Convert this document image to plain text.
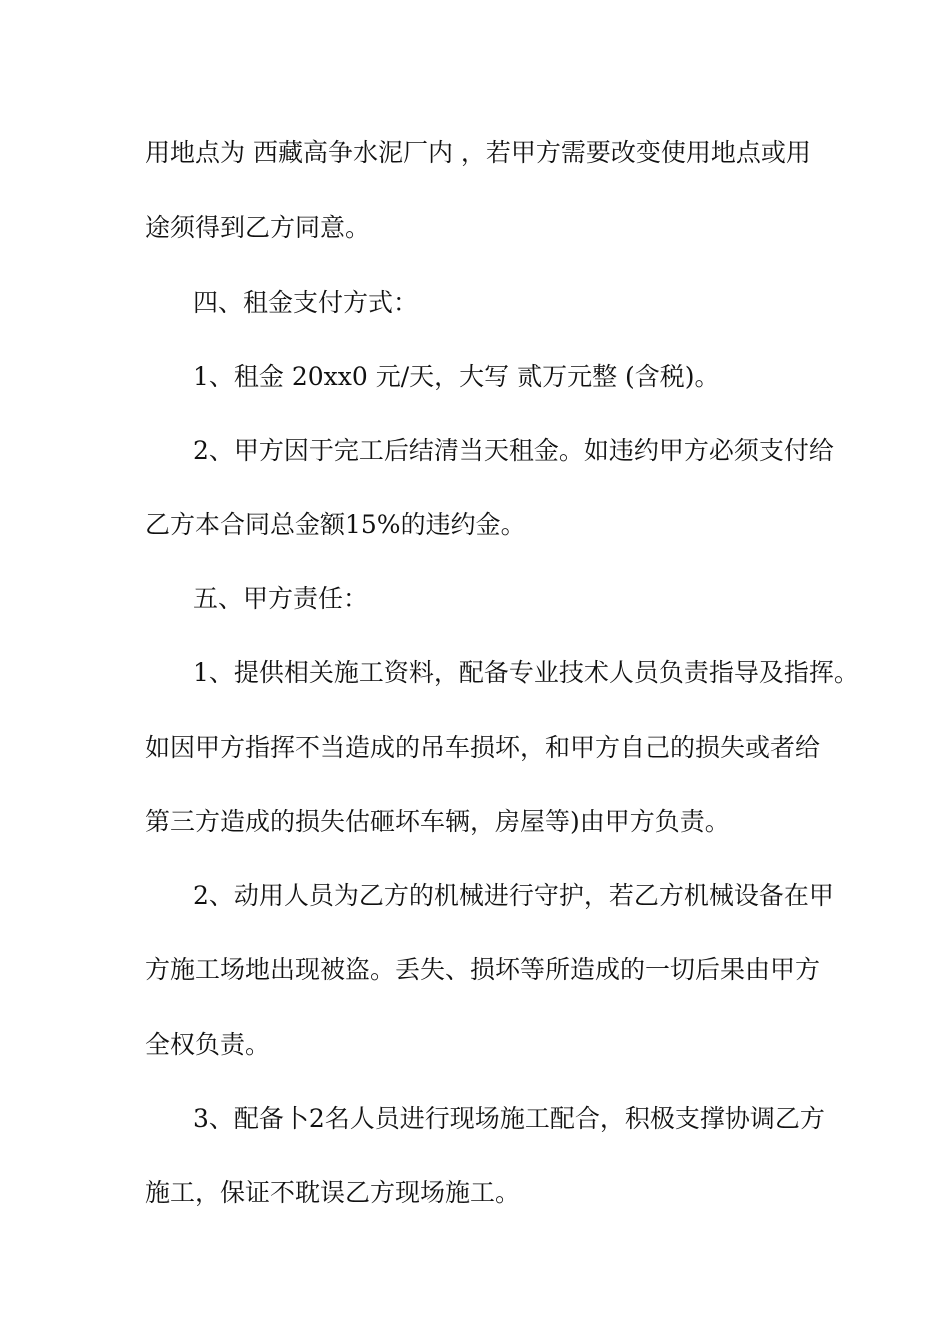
用地点为 西藏高争水泥厂内 ，若甲方需要改变使用地点或用
途须得到乙方同意。
四、租金支付方式：
1、租金 20xx0 元/天，大写 贰万元整 (含税)。
2、甲方因于完工后结清当天租金。如违约甲方必须支付给
乙方本合同总金额15%的违约金。
五、甲方责任：
1、提供相关施工资料，配备专业技术人员负责指导及指挥。
如因甲方指挥不当造成的吊车损坏，和甲方自己的损失或者给
第三方造成的损失估砸坏车辆，房屋等)由甲方负责。
2、动用人员为乙方的机械进行守护，若乙方机械设备在甲
方施工场地出现被盗。丢失、损坏等所造成的一切后果由甲方
全权负责。
3、配备卜2名人员进行现场施工配合，积极支撑协调乙方
施工，保证不耽误乙方现场施工。
